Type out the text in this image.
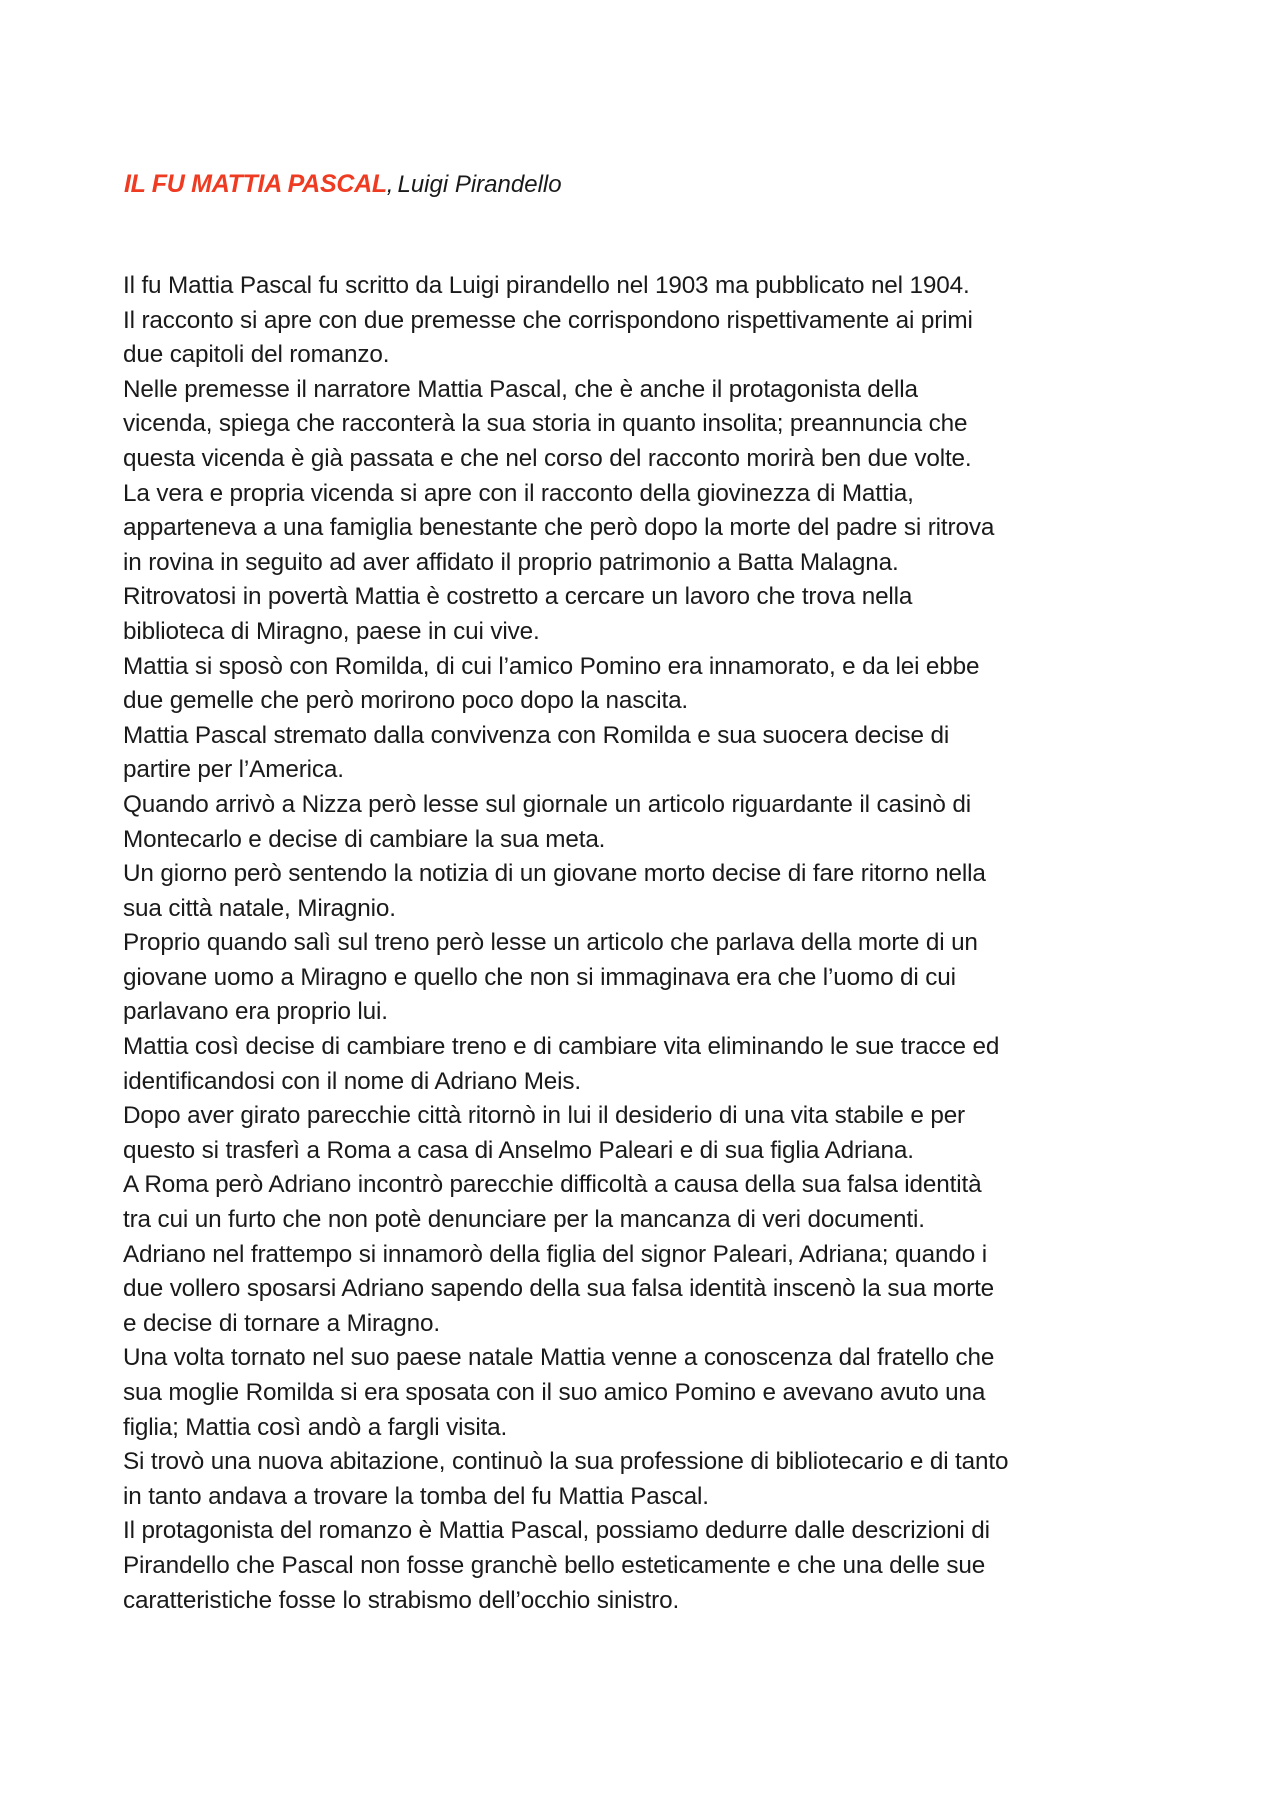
IL FU MATTIA PASCAL, Luigi Pirandello
Il fu Mattia Pascal fu scritto da Luigi pirandello nel 1903 ma pubblicato nel 1904.
Il racconto si apre con due premesse che corrispondono rispettivamente ai primi
due capitoli del romanzo.
Nelle premesse il narratore Mattia Pascal, che è anche il protagonista della
vicenda, spiega che racconterà la sua storia in quanto insolita; preannuncia che
questa vicenda è già passata e che nel corso del racconto morirà ben due volte.
La vera e propria vicenda si apre con il racconto della giovinezza di Mattia,
apparteneva a una famiglia benestante che però dopo la morte del padre si ritrova
in rovina in seguito ad aver affidato il proprio patrimonio a Batta Malagna.
Ritrovatosi in povertà Mattia è costretto a cercare un lavoro che trova nella
biblioteca di Miragno, paese in cui vive.
Mattia si sposò con Romilda, di cui l’amico Pomino era innamorato, e da lei ebbe
due gemelle che però morirono poco dopo la nascita.
Mattia Pascal stremato dalla convivenza con Romilda e sua suocera decise di
partire per l’America.
Quando arrivò a Nizza però lesse sul giornale un articolo riguardante il casinò di
Montecarlo e decise di cambiare la sua meta.
Un giorno però sentendo la notizia di un giovane morto decise di fare ritorno nella
sua città natale, Miragnio.
Proprio quando salì sul treno però lesse un articolo che parlava della morte di un
giovane uomo a Miragno e quello che non si immaginava era che l’uomo di cui
parlavano era proprio lui.
Mattia così decise di cambiare treno e di cambiare vita eliminando le sue tracce ed
identificandosi con il nome di Adriano Meis.
Dopo aver girato parecchie città ritornò in lui il desiderio di una vita stabile e per
questo si trasferì a Roma a casa di Anselmo Paleari e di sua figlia Adriana.
A Roma però Adriano incontrò parecchie difficoltà a causa della sua falsa identità
tra cui un furto che non potè denunciare per la mancanza di veri documenti.
Adriano nel frattempo si innamorò della figlia del signor Paleari, Adriana; quando i
due vollero sposarsi Adriano sapendo della sua falsa identità inscenò la sua morte
e decise di tornare a Miragno.
Una volta tornato nel suo paese natale Mattia venne a conoscenza dal fratello che
sua moglie Romilda si era sposata con il suo amico Pomino e avevano avuto una
figlia; Mattia così andò a fargli visita.
Si trovò una nuova abitazione, continuò la sua professione di bibliotecario e di tanto
in tanto andava a trovare la tomba del fu Mattia Pascal.
Il protagonista del romanzo è Mattia Pascal, possiamo dedurre dalle descrizioni di
Pirandello che Pascal non fosse granchè bello esteticamente e che una delle sue
caratteristiche fosse lo strabismo dell’occhio sinistro.
